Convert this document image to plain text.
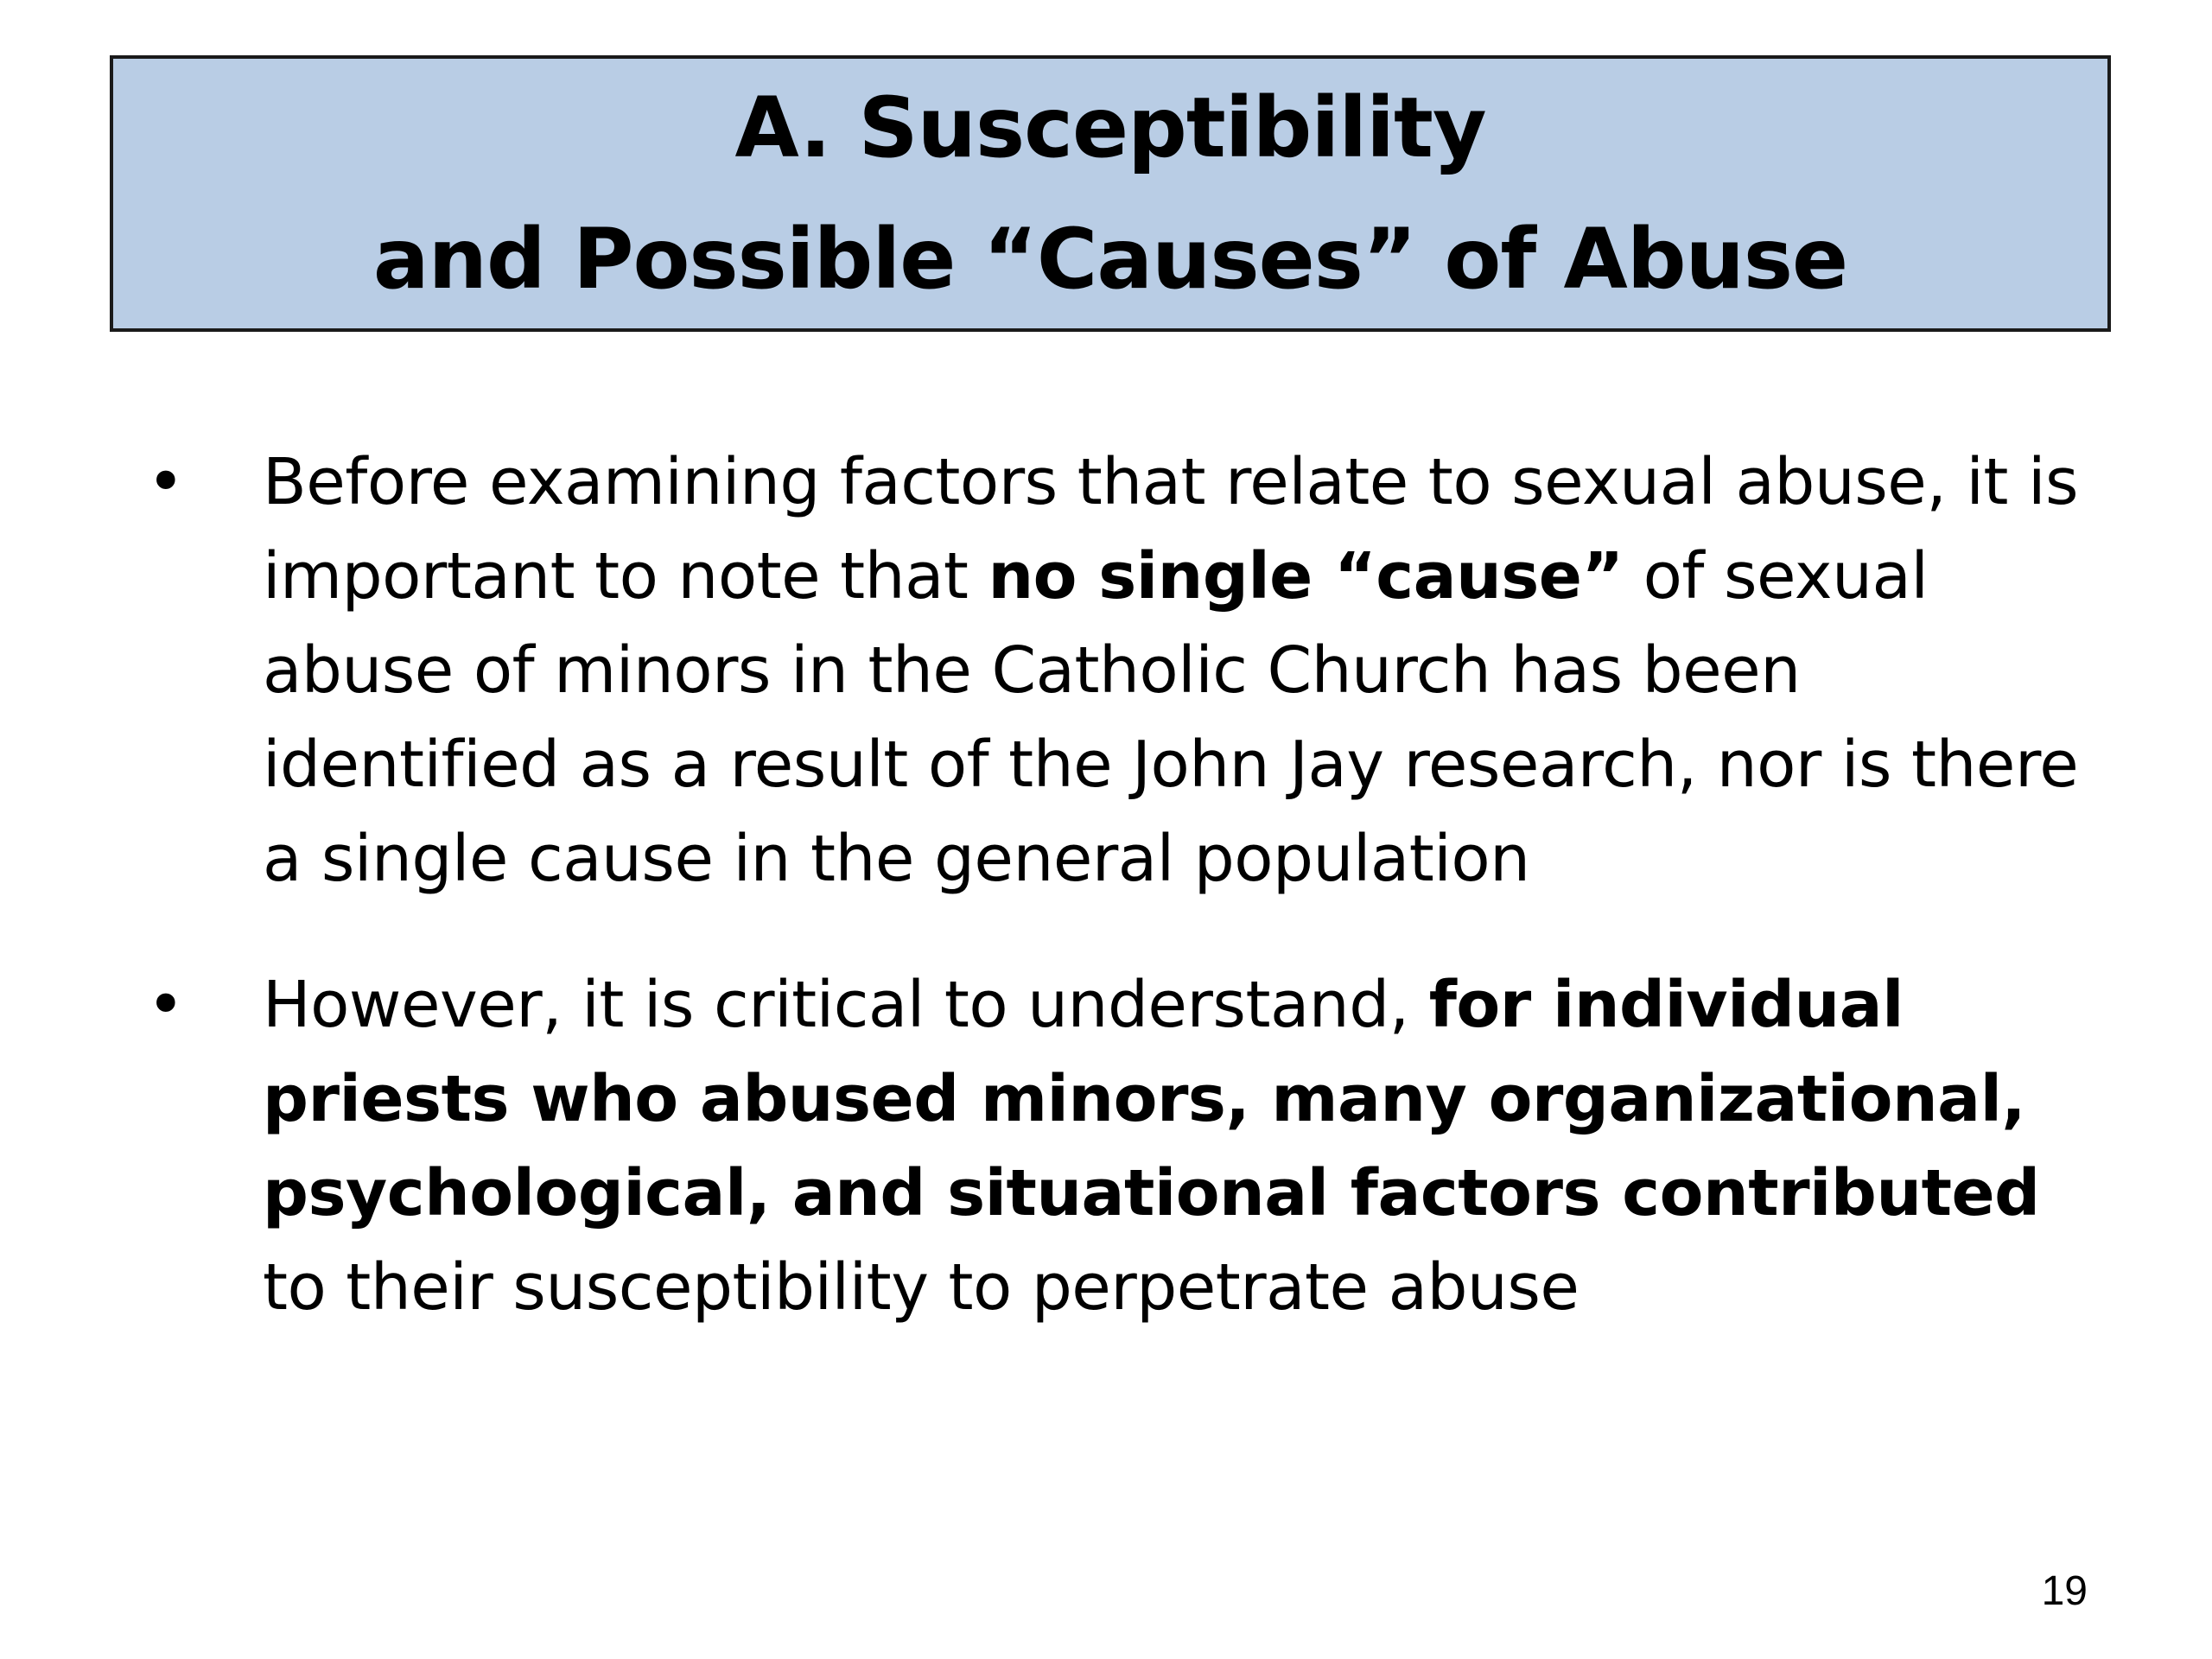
A. Susceptibility
and Possible “Causes” of Abuse
• Before examining factors that relate to sexual abuse, it is important to note that no single “cause” of sexual abuse of minors in the Catholic Church has been identified as a result of the John Jay research, nor is there a single cause in the general population
• However, it is critical to understand, for individual priests who abused minors, many organizational, psychological, and situational factors contributed to their susceptibility to perpetrate abuse
19
